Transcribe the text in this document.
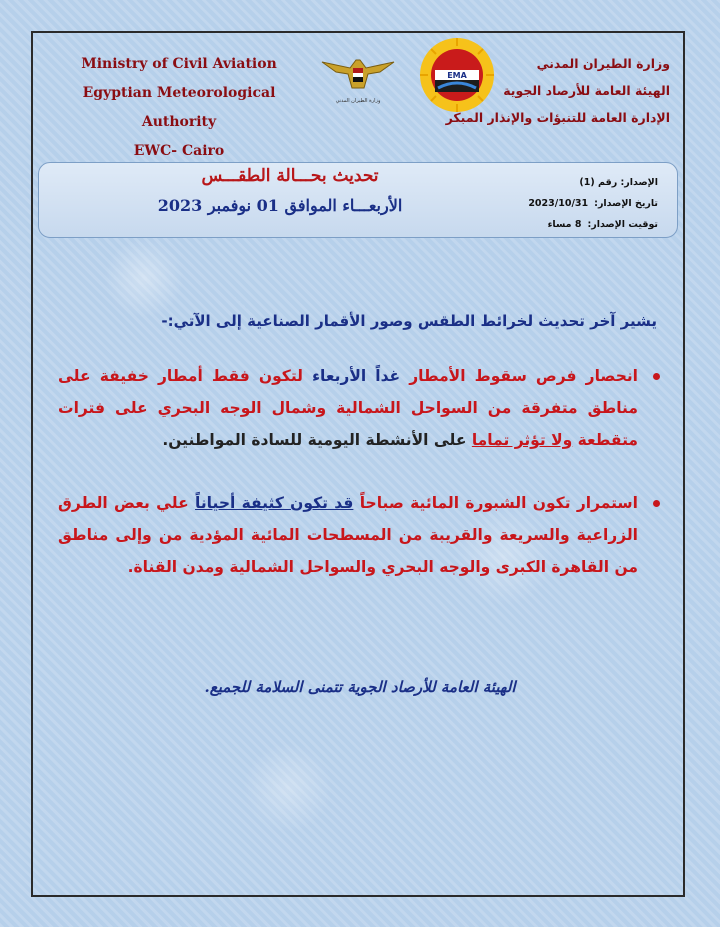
Ministry of Civil Aviation
Egyptian Meteorological Authority
EWC- Cairo
وزارة الطيران المدني
EMA
وزارة الطيران المدني
الهيئة العامة للأرصاد الجوية
الإدارة العامة للتنبؤات والإنذار المبكر
تحديث بحـــالة الطقـــس
الأربعـــاء الموافق 01 نوفمبر 2023
الإصدار: رقم (1)
تاريخ الإصدار:
2023/10/31
توقيت الإصدار:
8 مساء
يشير آخر تحديث لخرائط الطقس وصور الأقمار الصناعية إلى الآتي:-
انحصار فرص سقوط الأمطار غداً الأربعاء لتكون فقط أمطار خفيفة على مناطق متفرقة من السواحل الشمالية وشمال الوجه البحري على فترات متقطعة ولا تؤثر تماما على الأنشطة اليومية للسادة المواطنين.
استمرار تكون الشبورة المائية صباحاً قد تكون كثيفة أحياناً علي بعض الطرق الزراعية والسريعة والقريبة من المسطحات المائية المؤدية من وإلى مناطق من القاهرة الكبرى والوجه البحري والسواحل الشمالية ومدن القناة.
الهيئة العامة للأرصاد الجوية تتمنى السلامة للجميع.
